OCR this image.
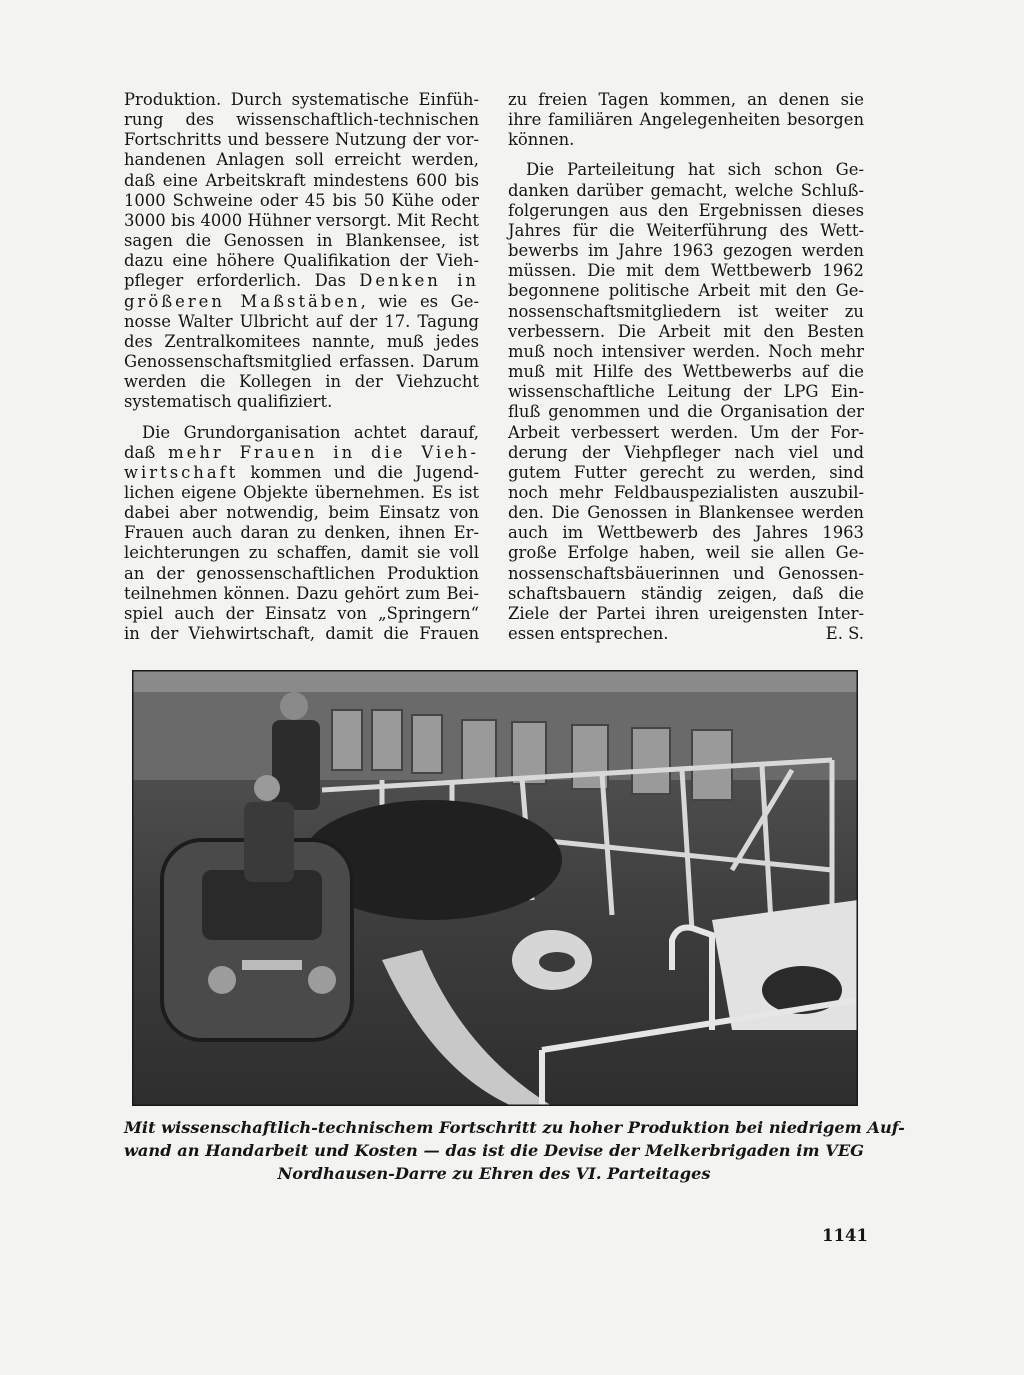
Produktion. Durch systematische Einfüh-
rung des wissenschaftlich-technischen
Fortschritts und bessere Nutzung der vor-
handenen Anlagen soll erreicht werden,
daß eine Arbeitskraft mindestens 600 bis
1000 Schweine oder 45 bis 50 Kühe oder
3000 bis 4000 Hühner versorgt. Mit Recht
sagen die Genossen in Blankensee, ist
dazu eine höhere Qualifikation der Vieh-
pfleger erforderlich. Das Denken in
größeren Maßstäben, wie es Ge-
nosse Walter Ulbricht auf der 17. Tagung
des Zentralkomitees nannte, muß jedes
Genossenschaftsmitglied erfassen. Darum
werden die Kollegen in der Viehzucht
systematisch qualifiziert.

Die Grundorganisation achtet darauf,
daß mehr Frauen in die Vieh-
wirtschaft kommen und die Jugend-
lichen eigene Objekte übernehmen. Es ist
dabei aber notwendig, beim Einsatz von
Frauen auch daran zu denken, ihnen Er-
leichterungen zu schaffen, damit sie voll
an der genossenschaftlichen Produktion
teilnehmen können. Dazu gehört zum Bei-
spiel auch der Einsatz von „Springern“
in der Viehwirtschaft, damit die Frauen

zu freien Tagen kommen, an denen sie
ihre familiären Angelegenheiten besorgen
können.

Die Parteileitung hat sich schon Ge-
danken darüber gemacht, welche Schluß-
folgerungen aus den Ergebnissen dieses
Jahres für die Weiterführung des Wett-
bewerbs im Jahre 1963 gezogen werden
müssen. Die mit dem Wettbewerb 1962
begonnene politische Arbeit mit den Ge-
nossenschaftsmitgliedern ist weiter zu
verbessern. Die Arbeit mit den Besten
muß noch intensiver werden. Noch mehr
muß mit Hilfe des Wettbewerbs auf die
wissenschaftliche Leitung der LPG Ein-
fluß genommen und die Organisation der
Arbeit verbessert werden. Um der For-
derung der Viehpfleger nach viel und
gutem Futter gerecht zu werden, sind
noch mehr Feldbauspezialisten auszubil-
den. Die Genossen in Blankensee werden
auch im Wettbewerb des Jahres 1963
große Erfolge haben, weil sie allen Ge-
nossenschaftsbäuerinnen und Genossen-
schaftsbauern ständig zeigen, daß die
Ziele der Partei ihren ureigensten Inter-
essen entsprechen.	E. S.

Mit wissenschaftlich-technischem Fortschritt zu hoher Produktion bei niedrigem Auf-
wand an Handarbeit und Kosten — das ist die Devise der Melkerbrigaden im VEG
Nordhausen-Darre zu Ehren des VI. Parteitages
1141
